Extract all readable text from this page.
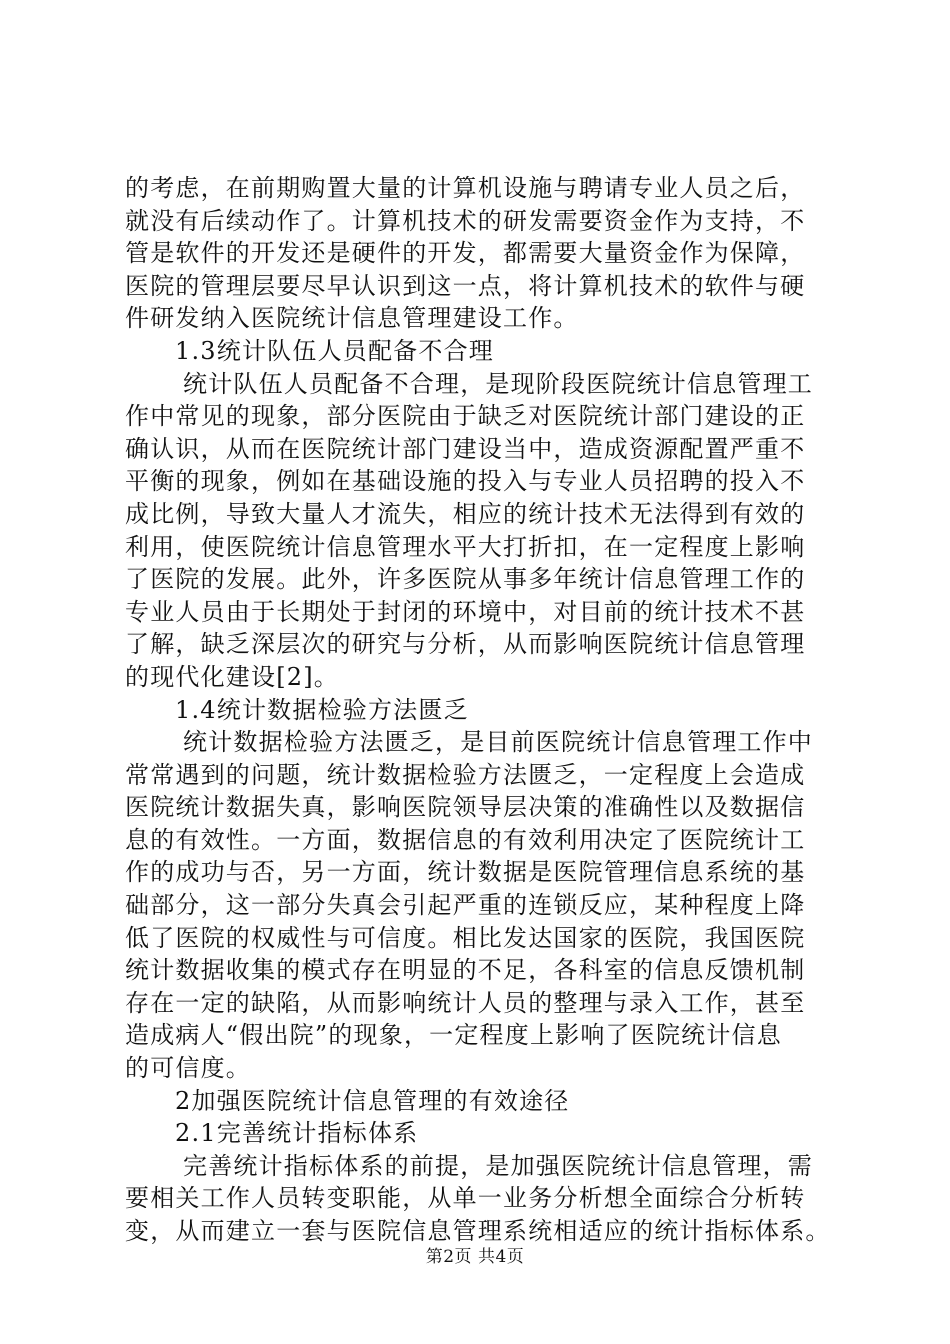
的考虑，在前期购置大量的计算机设施与聘请专业人员之后，
就没有后续动作了。计算机技术的研发需要资金作为支持，不
管是软件的开发还是硬件的开发，都需要大量资金作为保障，
医院的管理层要尽早认识到这一点，将计算机技术的软件与硬
件研发纳入医院统计信息管理建设工作。
1.3统计队伍人员配备不合理
统计队伍人员配备不合理，是现阶段医院统计信息管理工
作中常见的现象，部分医院由于缺乏对医院统计部门建设的正
确认识，从而在医院统计部门建设当中，造成资源配置严重不
平衡的现象，例如在基础设施的投入与专业人员招聘的投入不
成比例，导致大量人才流失，相应的统计技术无法得到有效的
利用，使医院统计信息管理水平大打折扣，在一定程度上影响
了医院的发展。此外，许多医院从事多年统计信息管理工作的
专业人员由于长期处于封闭的环境中，对目前的统计技术不甚
了解，缺乏深层次的研究与分析，从而影响医院统计信息管理
的现代化建设[2]。
1.4统计数据检验方法匮乏
统计数据检验方法匮乏，是目前医院统计信息管理工作中
常常遇到的问题，统计数据检验方法匮乏，一定程度上会造成
医院统计数据失真，影响医院领导层决策的准确性以及数据信
息的有效性。一方面，数据信息的有效利用决定了医院统计工
作的成功与否，另一方面，统计数据是医院管理信息系统的基
础部分，这一部分失真会引起严重的连锁反应，某种程度上降
低了医院的权威性与可信度。相比发达国家的医院，我国医院
统计数据收集的模式存在明显的不足，各科室的信息反馈机制
存在一定的缺陷，从而影响统计人员的整理与录入工作，甚至
造成病人“假出院”的现象，一定程度上影响了医院统计信息
的可信度。
2加强医院统计信息管理的有效途径
2.1完善统计指标体系
完善统计指标体系的前提，是加强医院统计信息管理，需
要相关工作人员转变职能，从单一业务分析想全面综合分析转
变，从而建立一套与医院信息管理系统相适应的统计指标体系。
第2页 共4页
